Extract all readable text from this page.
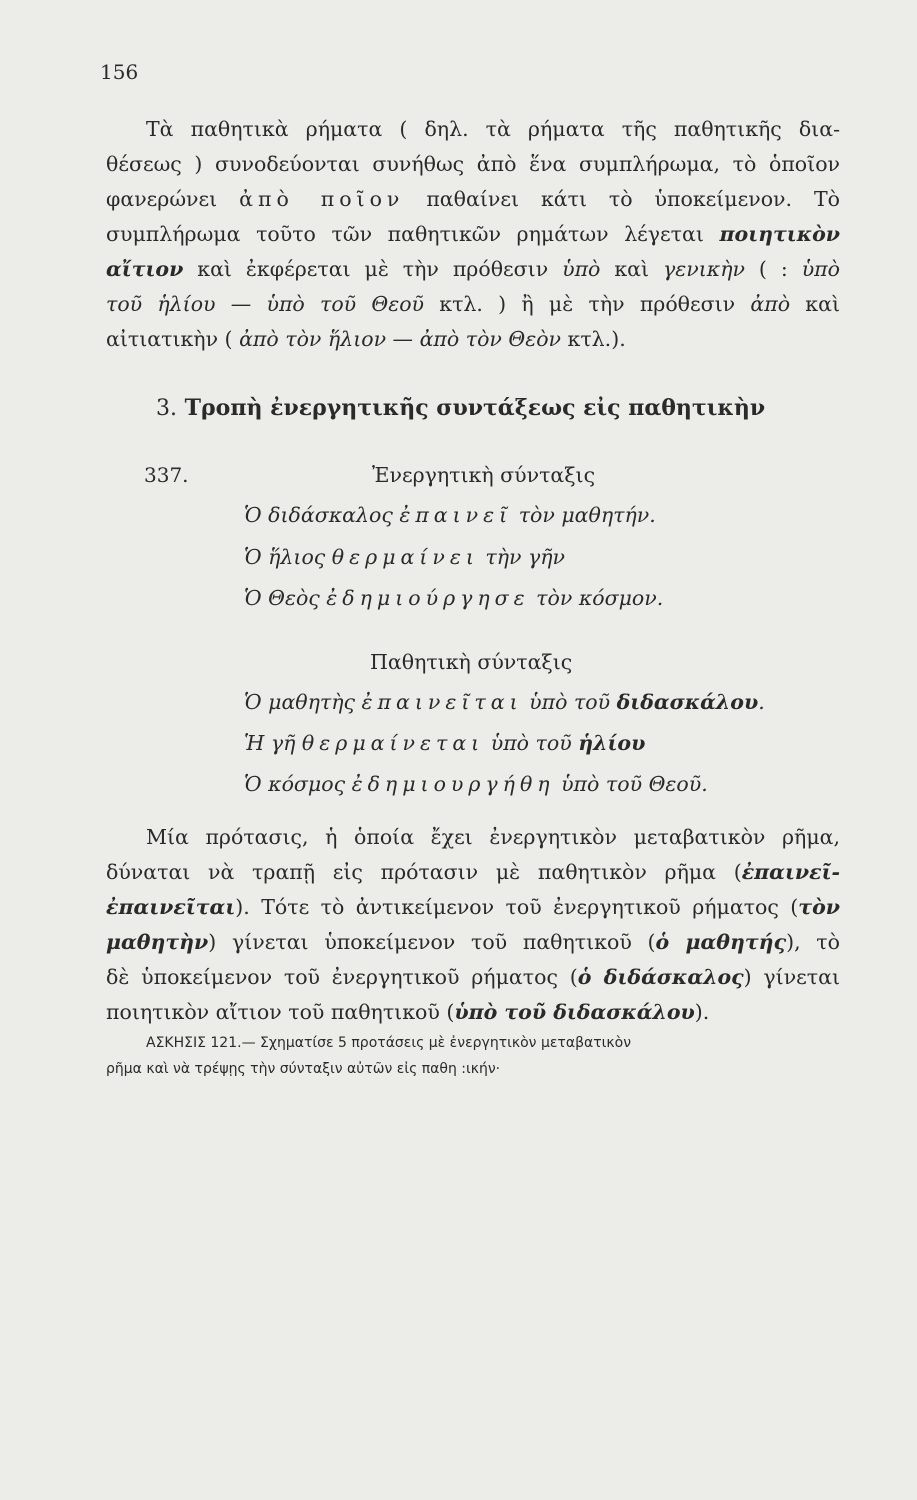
156
Τὰ παθητικὰ ρήματα ( δηλ. τὰ ρήματα τῆς παθητικῆς δια-
θέσεως ) συνοδεύονται συνήθως ἀπὸ ἕνα συμπλήρωμα, τὸ ὁποῖον
φανερώνει ἀπὸ ποῖον παθαίνει κάτι τὸ ὑποκείμενον. Τὸ
συμπλήρωμα τοῦτο τῶν παθητικῶν ρημάτων λέγεται ποιητικὸν
αἴτιον καὶ ἐκφέρεται μὲ τὴν πρόθεσιν ὑπὸ καὶ γενικὴν ( : ὑπὸ
τοῦ ἡλίου — ὑπὸ τοῦ Θεοῦ κτλ. ) ἢ μὲ τὴν πρόθεσιν ἀπὸ καὶ
αἰτιατικὴν ( ἀπὸ τὸν ἥλιον — ἀπὸ τὸν Θεὸν κτλ.).
3. Τροπὴ ἐνεργητικῆς συντάξεως εἰς παθητικὴν
337.	Ἐνεργητικὴ σύνταξις
Ὁ διδάσκαλος ἐπαινεῖ τὸν μαθητήν.
Ὁ ἥλιος θερμαίνει τὴν γῆν
Ὁ Θεὸς ἐδημιούργησε τὸν κόσμον.
Παθητικὴ σύνταξις
Ὁ μαθητὴς ἐπαινεῖται ὑπὸ τοῦ διδασκάλου.
Ἡ γῆ θερμαίνεται ὑπὸ τοῦ ἡλίου
Ὁ κόσμος ἐδημιουργήθη ὑπὸ τοῦ Θεοῦ.
Μία πρότασις, ἡ ὁποία ἔχει ἐνεργητικὸν μεταβατικὸν ρῆμα,
δύναται νὰ τραπῇ εἰς πρότασιν μὲ παθητικὸν ρῆμα (ἐπαινεῖ-
ἐπαινεῖται). Τότε τὸ ἀντικείμενον τοῦ ἐνεργητικοῦ ρήματος (τὸν
μαθητὴν) γίνεται ὑποκείμενον τοῦ παθητικοῦ (ὁ μαθητής), τὸ
δὲ ὑποκείμενον τοῦ ἐνεργητικοῦ ρήματος (ὁ διδάσκαλος) γίνεται
ποιητικὸν αἴτιον τοῦ παθητικοῦ (ὑπὸ τοῦ διδασκάλου).
ΑΣΚΗΣΙΣ 121.— Σχηματίσε 5 προτάσεις μὲ ἐνεργητικὸν μεταβατικὸν
ρῆμα καὶ νὰ τρέψῃς τὴν σύνταξιν αὐτῶν εἰς παθη :ικήν·
